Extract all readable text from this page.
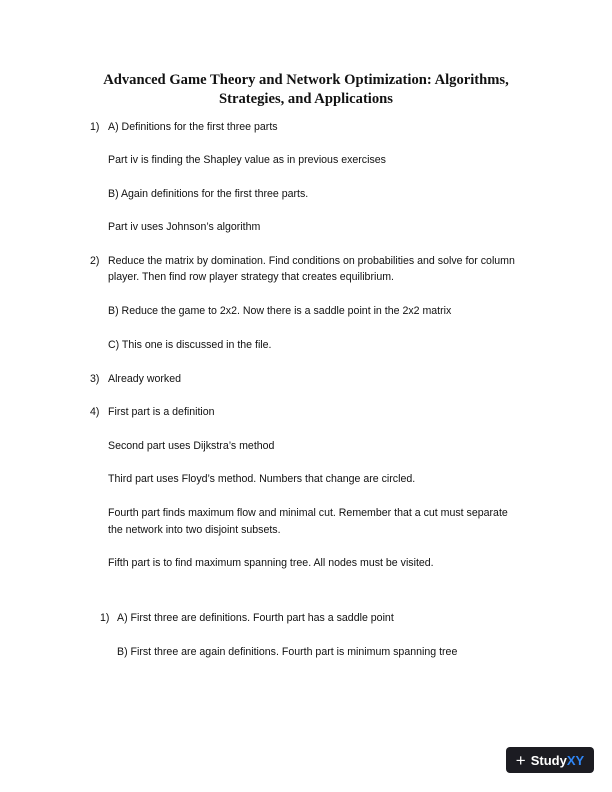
Advanced Game Theory and Network Optimization: Algorithms,
Strategies, and Applications
1) A) Definitions for the first three parts
Part iv is finding the Shapley value as in previous exercises
B) Again definitions for the first three parts.
Part iv uses Johnson’s algorithm
2) Reduce the matrix by domination. Find conditions on probabilities and solve for column
player. Then find row player strategy that creates equilibrium.
B) Reduce the game to 2x2. Now there is a saddle point in the 2x2 matrix
C) This one is discussed in the file.
3) Already worked
4) First part is a definition
Second part uses Dijkstra’s method
Third part uses Floyd’s method. Numbers that change are circled.
Fourth part finds maximum flow and minimal cut. Remember that a cut must separate
the network into two disjoint subsets.
Fifth part is to find maximum spanning tree. All nodes must be visited.
1) A) First three are definitions. Fourth part has a saddle point
B) First three are again definitions. Fourth part is minimum spanning tree
+ Study XY
